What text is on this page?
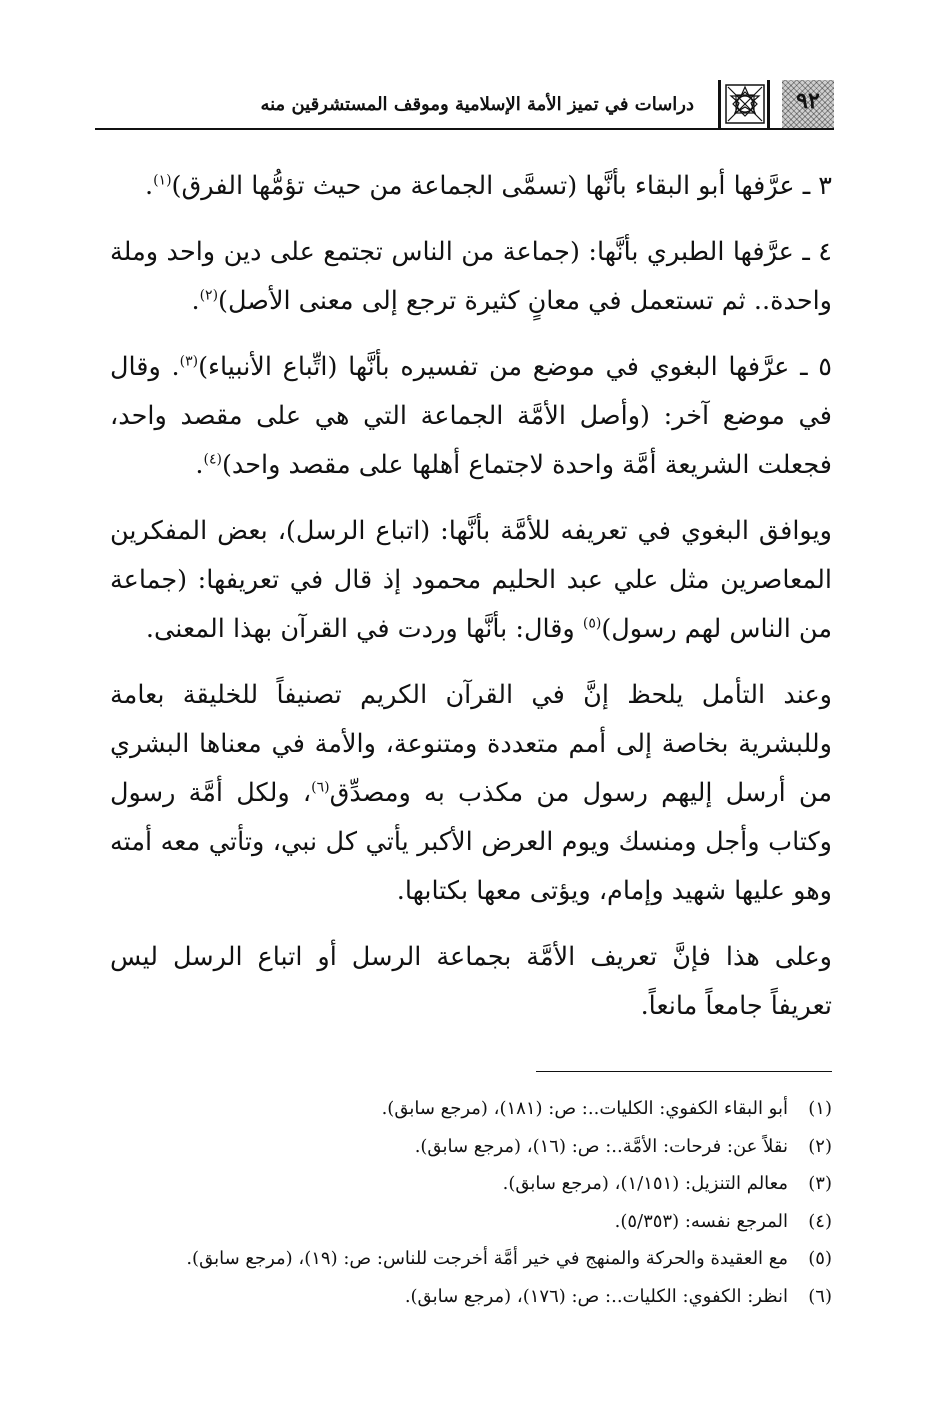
٩٢
دراسات في تميز الأمة الإسلامية وموقف المستشرقين منه

٣ ـ عرَّفها أبو البقاء بأنَّها (تسمَّى الجماعة من حيث تؤمُّها الفرق)$^{(١)}$.

٤ ـ عرَّفها الطبري بأنَّها: (جماعة من الناس تجتمع على دين واحد وملة واحدة.. ثم تستعمل في معانٍ كثيرة ترجع إلى معنى الأصل)$^{(٢)}$.

٥ ـ عرَّفها البغوي في موضع من تفسيره بأنَّها (اتِّباع الأنبياء)$^{(٣)}$. وقال في موضع آخر: (وأصل الأمَّة الجماعة التي هي على مقصد واحد، فجعلت الشريعة أمَّة واحدة لاجتماع أهلها على مقصد واحد)$^{(٤)}$.

ويوافق البغوي في تعريفه للأمَّة بأنَّها: (اتباع الرسل)، بعض المفكرين المعاصرين مثل علي عبد الحليم محمود إذ قال في تعريفها: (جماعة من الناس لهم رسول)$^{(٥)}$ وقال: بأنَّها وردت في القرآن بهذا المعنى.

وعند التأمل يلحظ إنَّ في القرآن الكريم تصنيفاً للخليقة بعامة وللبشرية بخاصة إلى أمم متعددة ومتنوعة، والأمة في معناها البشري من أرسل إليهم رسول من مكذب به ومصدِّق$^{(٦)}$، ولكل أمَّة رسول وكتاب وأجل ومنسك ويوم العرض الأكبر يأتي كل نبي، وتأتي معه أمته وهو عليها شهيد وإمام، ويؤتى معها بكتابها.

وعلى هذا فإنَّ تعريف الأمَّة بجماعة الرسل أو اتباع الرسل ليس تعريفاً جامعاً مانعاً.

(١)أبو البقاء الكفوي: الكليات..: ص: (١٨١)، (مرجع سابق).
(٢)نقلاً عن: فرحات: الأمَّة..: ص: (١٦)، (مرجع سابق).
(٣)معالم التنزيل: (١/١٥١)، (مرجع سابق).
(٤)المرجع نفسه: (٥/٣٥٣).
(٥)مع العقيدة والحركة والمنهج في خير أمَّة أخرجت للناس: ص: (١٩)، (مرجع سابق).
(٦)انظر: الكفوي: الكليات..: ص: (١٧٦)، (مرجع سابق).
